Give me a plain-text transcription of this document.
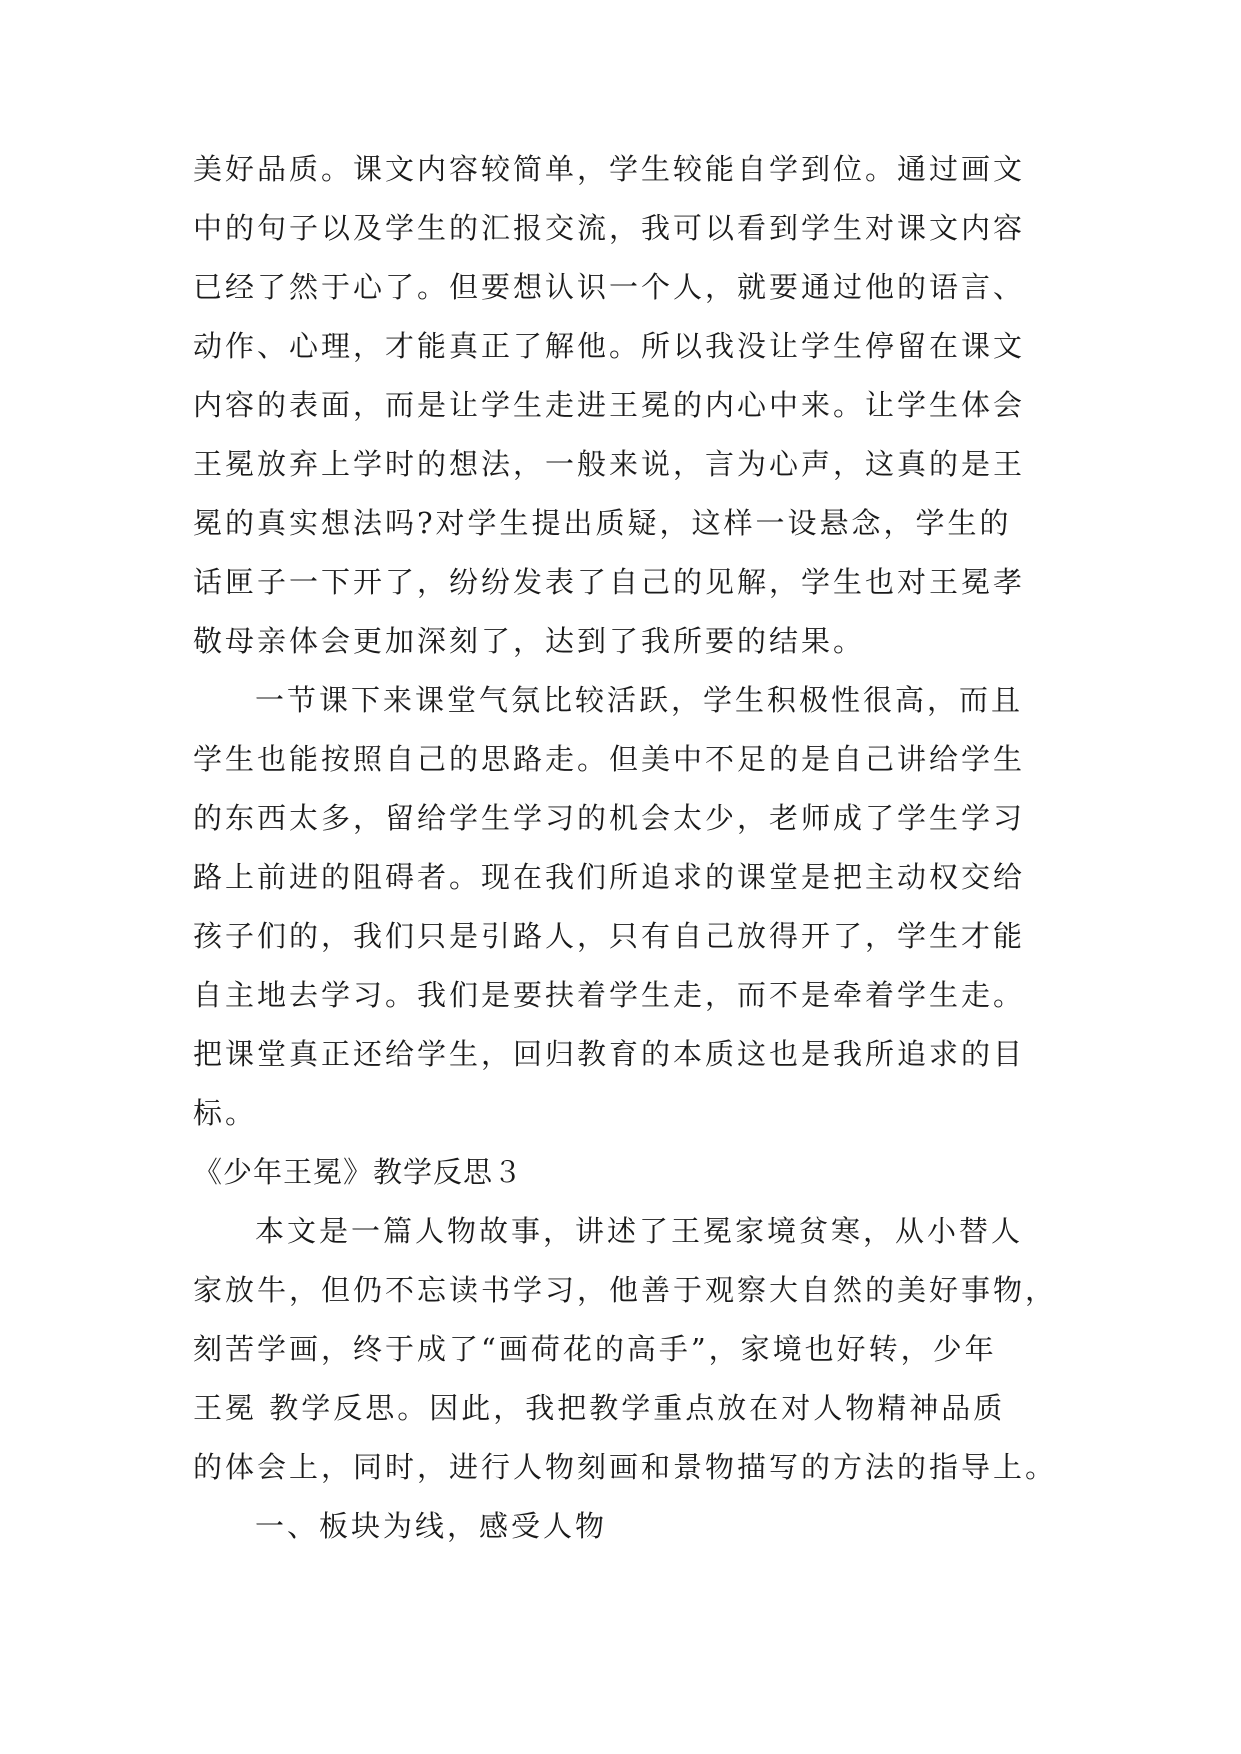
美好品质。课文内容较简单，学生较能自学到位。通过画文
中的句子以及学生的汇报交流，我可以看到学生对课文内容
已经了然于心了。但要想认识一个人，就要通过他的语言、
动作、心理，才能真正了解他。所以我没让学生停留在课文
内容的表面，而是让学生走进王冕的内心中来。让学生体会
王冕放弃上学时的想法，一般来说，言为心声，这真的是王
冕的真实想法吗?对学生提出质疑，这样一设悬念，学生的
话匣子一下开了，纷纷发表了自己的见解，学生也对王冕孝
敬母亲体会更加深刻了，达到了我所要的结果。
一节课下来课堂气氛比较活跃，学生积极性很高，而且
学生也能按照自己的思路走。但美中不足的是自己讲给学生
的东西太多，留给学生学习的机会太少，老师成了学生学习
路上前进的阻碍者。现在我们所追求的课堂是把主动权交给
孩子们的，我们只是引路人，只有自己放得开了，学生才能
自主地去学习。我们是要扶着学生走，而不是牵着学生走。
把课堂真正还给学生，回归教育的本质这也是我所追求的目
标。
《少年王冕》教学反思３
本文是一篇人物故事，讲述了王冕家境贫寒，从小替人
家放牛，但仍不忘读书学习，他善于观察大自然的美好事物，
刻苦学画，终于成了“画荷花的高手”，家境也好转，少年
王冕 教学反思。因此，我把教学重点放在对人物精神品质
的体会上，同时，进行人物刻画和景物描写的方法的指导上。
一、板块为线，感受人物
